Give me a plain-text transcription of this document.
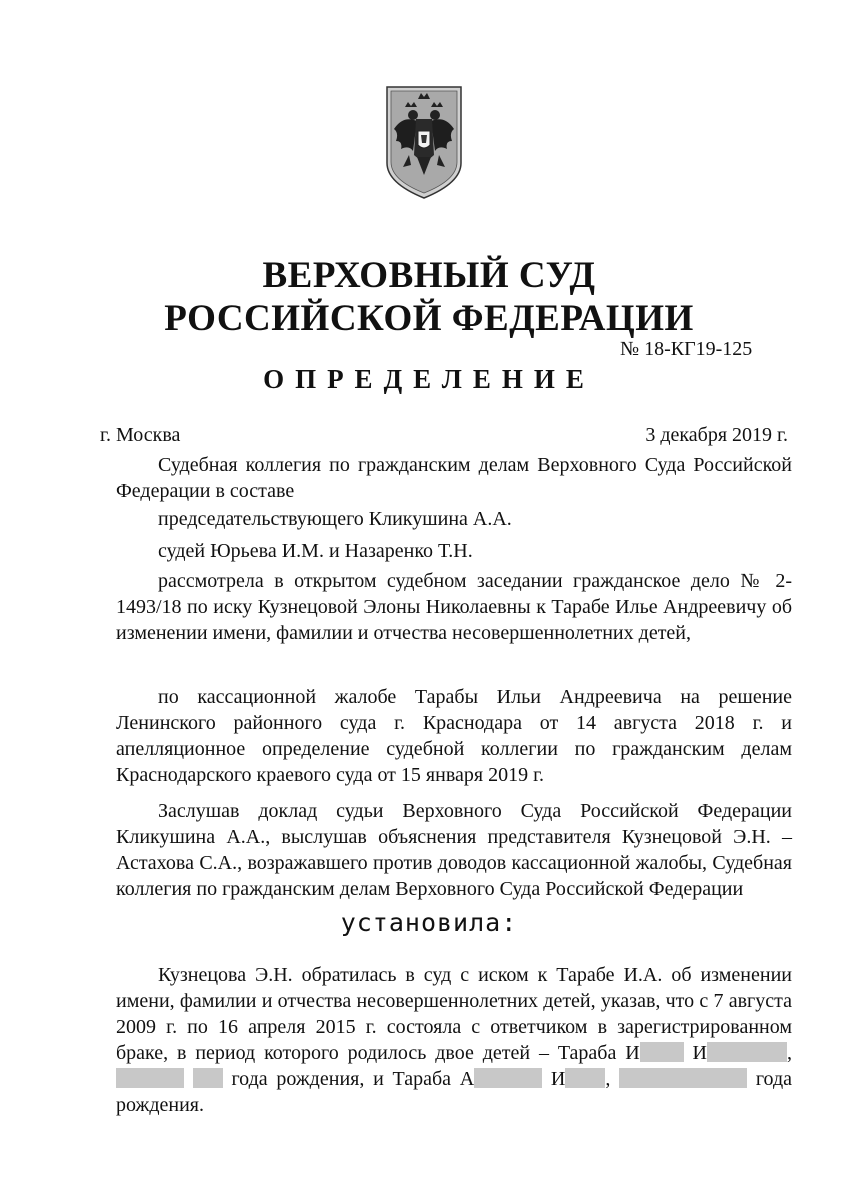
ВЕРХОВНЫЙ СУД
РОССИЙСКОЙ ФЕДЕРАЦИИ
№ 18-КГ19-125
ОПРЕДЕЛЕНИЕ
г. Москва	3 декабря 2019 г.

Судебная коллегия по гражданским делам Верховного Суда Российской Федерации в составе

председательствующего Кликушина А.А.

судей Юрьева И.М. и Назаренко Т.Н.

рассмотрела в открытом судебном заседании гражданское дело № 2-1493/18 по иску Кузнецовой Элоны Николаевны к Тарабе Илье Андреевичу об изменении имени, фамилии и отчества несовершеннолетних детей,

по кассационной жалобе Тарабы Ильи Андреевича на решение Ленинского районного суда г. Краснодара от 14 августа 2018 г. и апелляционное определение судебной коллегии по гражданским делам Краснодарского краевого суда от 15 января 2019 г.

Заслушав доклад судьи Верховного Суда Российской Федерации Кликушина А.А., выслушав объяснения представителя Кузнецовой Э.Н. – Астахова С.А., возражавшего против доводов кассационной жалобы, Судебная коллегия по гражданским делам Верховного Суда Российской Федерации

установила:

Кузнецова Э.Н. обратилась в суд с иском к Тарабе И.А. об изменении имени, фамилии и отчества несовершеннолетних детей, указав, что с 7 августа 2009 г. по 16 апреля 2015 г. состояла с ответчиком в зарегистрированном браке, в период которого родилось двое детей – Тараба И И	,   года рождения, и Тараба А	И ,	года рождения.
